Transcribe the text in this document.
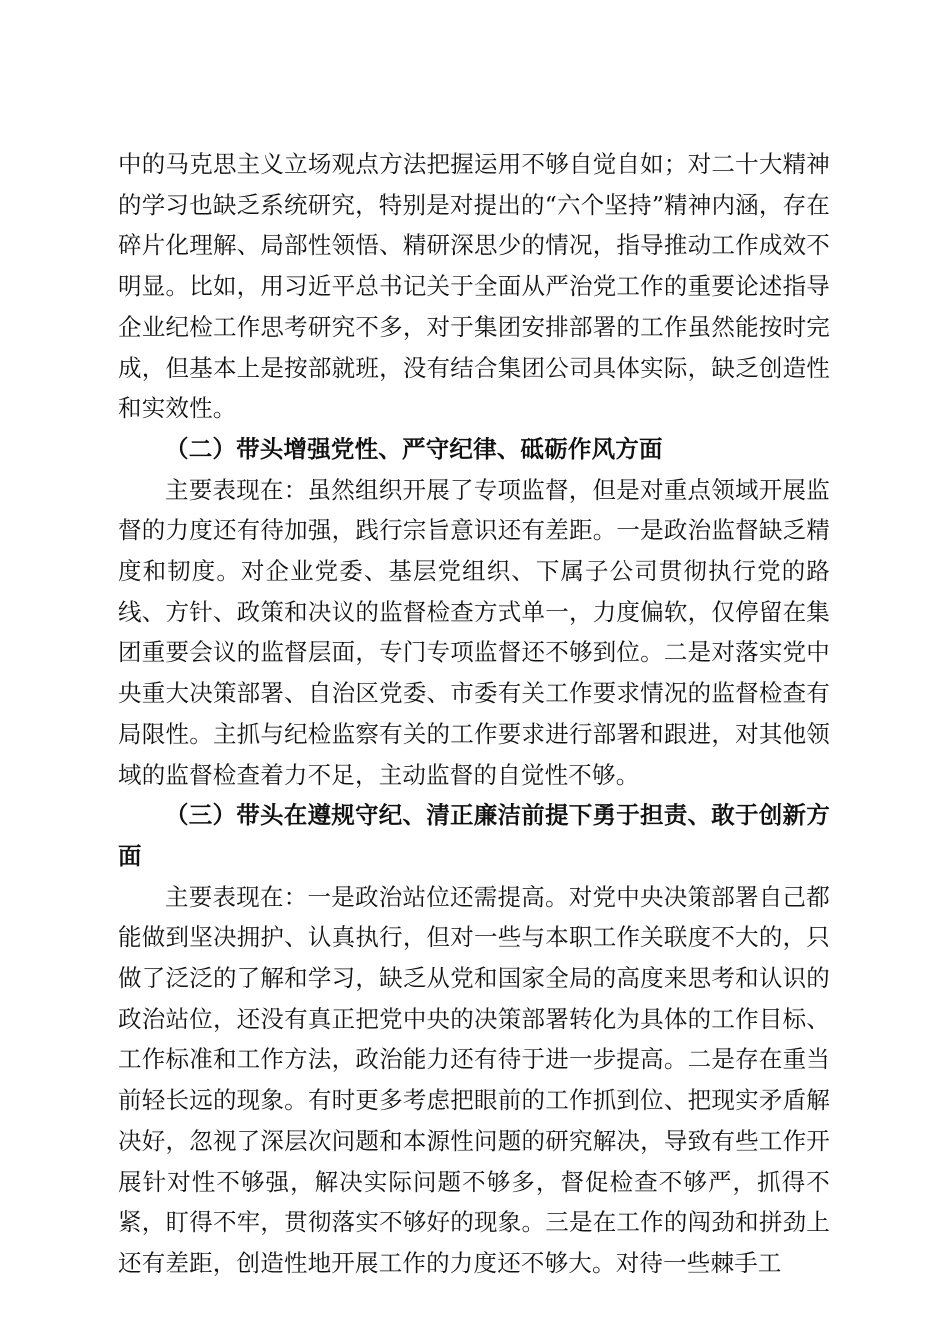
中的马克思主义立场观点方法把握运用不够自觉自如；对二十大精神的学习也缺乏系统研究，特别是对提出的“六个坚持”精神内涵，存在碎片化理解、局部性领悟、精研深思少的情况，指导推动工作成效不明显。比如，用习近平总书记关于全面从严治党工作的重要论述指导企业纪检工作思考研究不多，对于集团安排部署的工作虽然能按时完成，但基本上是按部就班，没有结合集团公司具体实际，缺乏创造性和实效性。

（二）带头增强党性、严守纪律、砥砺作风方面

主要表现在：虽然组织开展了专项监督，但是对重点领域开展监督的力度还有待加强，践行宗旨意识还有差距。一是政治监督缺乏精度和韧度。对企业党委、基层党组织、下属子公司贯彻执行党的路线、方针、政策和决议的监督检查方式单一，力度偏软，仅停留在集团重要会议的监督层面，专门专项监督还不够到位。二是对落实党中央重大决策部署、自治区党委、市委有关工作要求情况的监督检查有局限性。主抓与纪检监察有关的工作要求进行部署和跟进，对其他领域的监督检查着力不足，主动监督的自觉性不够。

（三）带头在遵规守纪、清正廉洁前提下勇于担责、敢于创新方面

主要表现在：一是政治站位还需提高。对党中央决策部署自己都能做到坚决拥护、认真执行，但对一些与本职工作关联度不大的，只做了泛泛的了解和学习，缺乏从党和国家全局的高度来思考和认识的政治站位，还没有真正把党中央的决策部署转化为具体的工作目标、工作标准和工作方法，政治能力还有待于进一步提高。二是存在重当前轻长远的现象。有时更多考虑把眼前的工作抓到位、把现实矛盾解决好，忽视了深层次问题和本源性问题的研究解决，导致有些工作开展针对性不够强，解决实际问题不够多，督促检查不够严，抓得不紧，盯得不牢，贯彻落实不够好的现象。三是在工作的闯劲和拼劲上还有差距，创造性地开展工作的力度还不够大。对待一些棘手工
